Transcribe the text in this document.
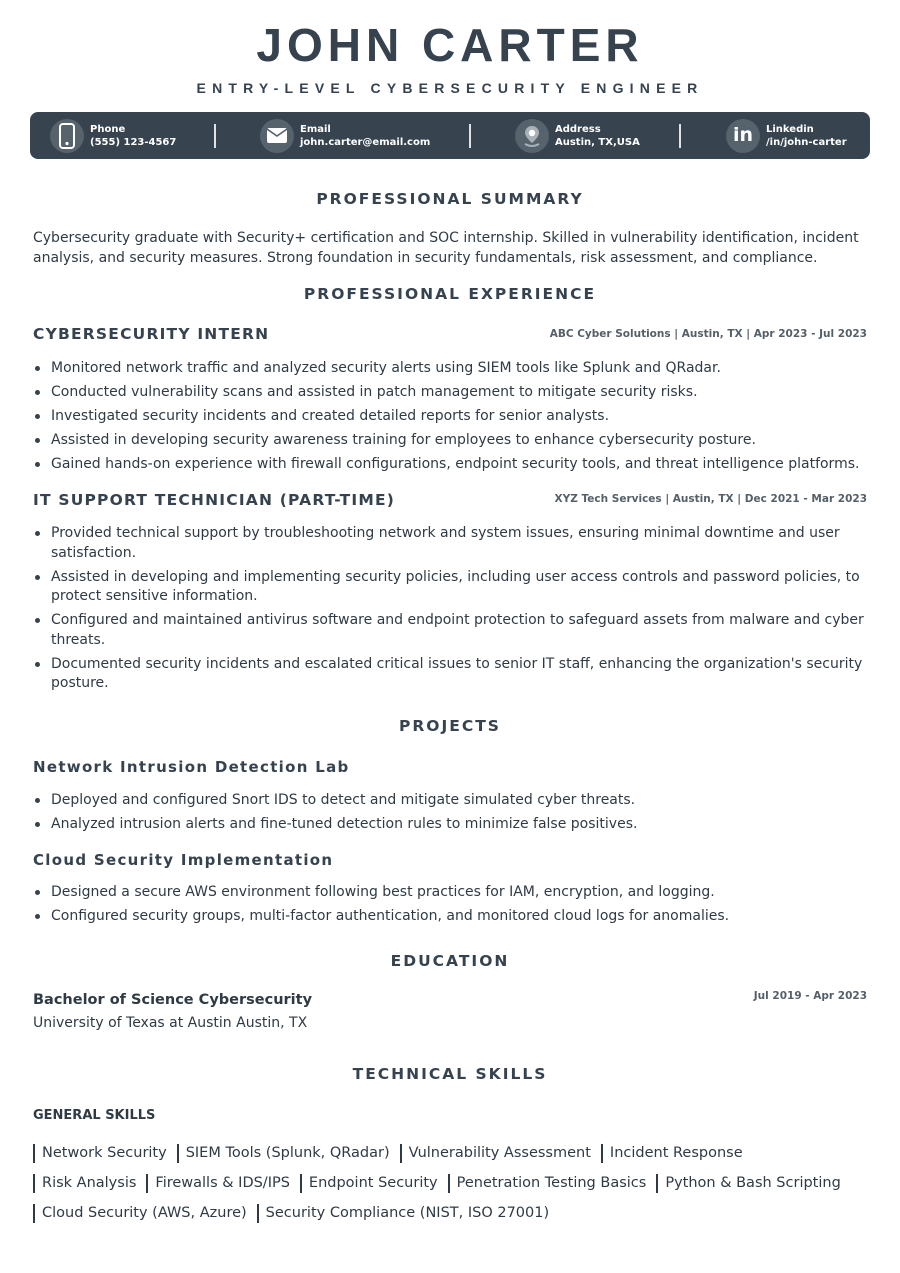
JOHN CARTER
ENTRY-LEVEL CYBERSECURITY ENGINEER
Phone
(555) 123-4567
Email
john.carter@email.com
Address
Austin, TX,USA	in Linkedin
/in/john-carter
PROFESSIONAL SUMMARY
Cybersecurity graduate with Security+ certification and SOC internship. Skilled in vulnerability identification, incident analysis, and security measures. Strong foundation in security fundamentals, risk assessment, and compliance.
PROFESSIONAL EXPERIENCE
CYBERSECURITY INTERN	ABC Cyber Solutions | Austin, TX | Apr 2023 - Jul 2023
Monitored network traffic and analyzed security alerts using SIEM tools like Splunk and QRadar.
Conducted vulnerability scans and assisted in patch management to mitigate security risks.
Investigated security incidents and created detailed reports for senior analysts.
Assisted in developing security awareness training for employees to enhance cybersecurity posture.
Gained hands-on experience with firewall configurations, endpoint security tools, and threat intelligence platforms.
IT SUPPORT TECHNICIAN (PART-TIME)	XYZ Tech Services | Austin, TX | Dec 2021 - Mar 2023
Provided technical support by troubleshooting network and system issues, ensuring minimal downtime and user satisfaction.
Assisted in developing and implementing security policies, including user access controls and password policies, to protect sensitive information.
Configured and maintained antivirus software and endpoint protection to safeguard assets from malware and cyber threats.
Documented security incidents and escalated critical issues to senior IT staff, enhancing the organization's security posture.
PROJECTS
Network Intrusion Detection Lab
Deployed and configured Snort IDS to detect and mitigate simulated cyber threats.
Analyzed intrusion alerts and fine-tuned detection rules to minimize false positives.
Cloud Security Implementation
Designed a secure AWS environment following best practices for IAM, encryption, and logging.
Configured security groups, multi-factor authentication, and monitored cloud logs for anomalies.
EDUCATION
Bachelor of Science Cybersecurity
University of Texas at Austin Austin, TX
Jul 2019 - Apr 2023
TECHNICAL SKILLS
GENERAL SKILLS
Network Security	SIEM Tools (Splunk, QRadar)	Vulnerability Assessment	Incident Response
Risk Analysis	Firewalls & IDS/IPS	Endpoint Security	Penetration Testing Basics	Python & Bash Scripting
Cloud Security (AWS, Azure)	Security Compliance (NIST, ISO 27001)
